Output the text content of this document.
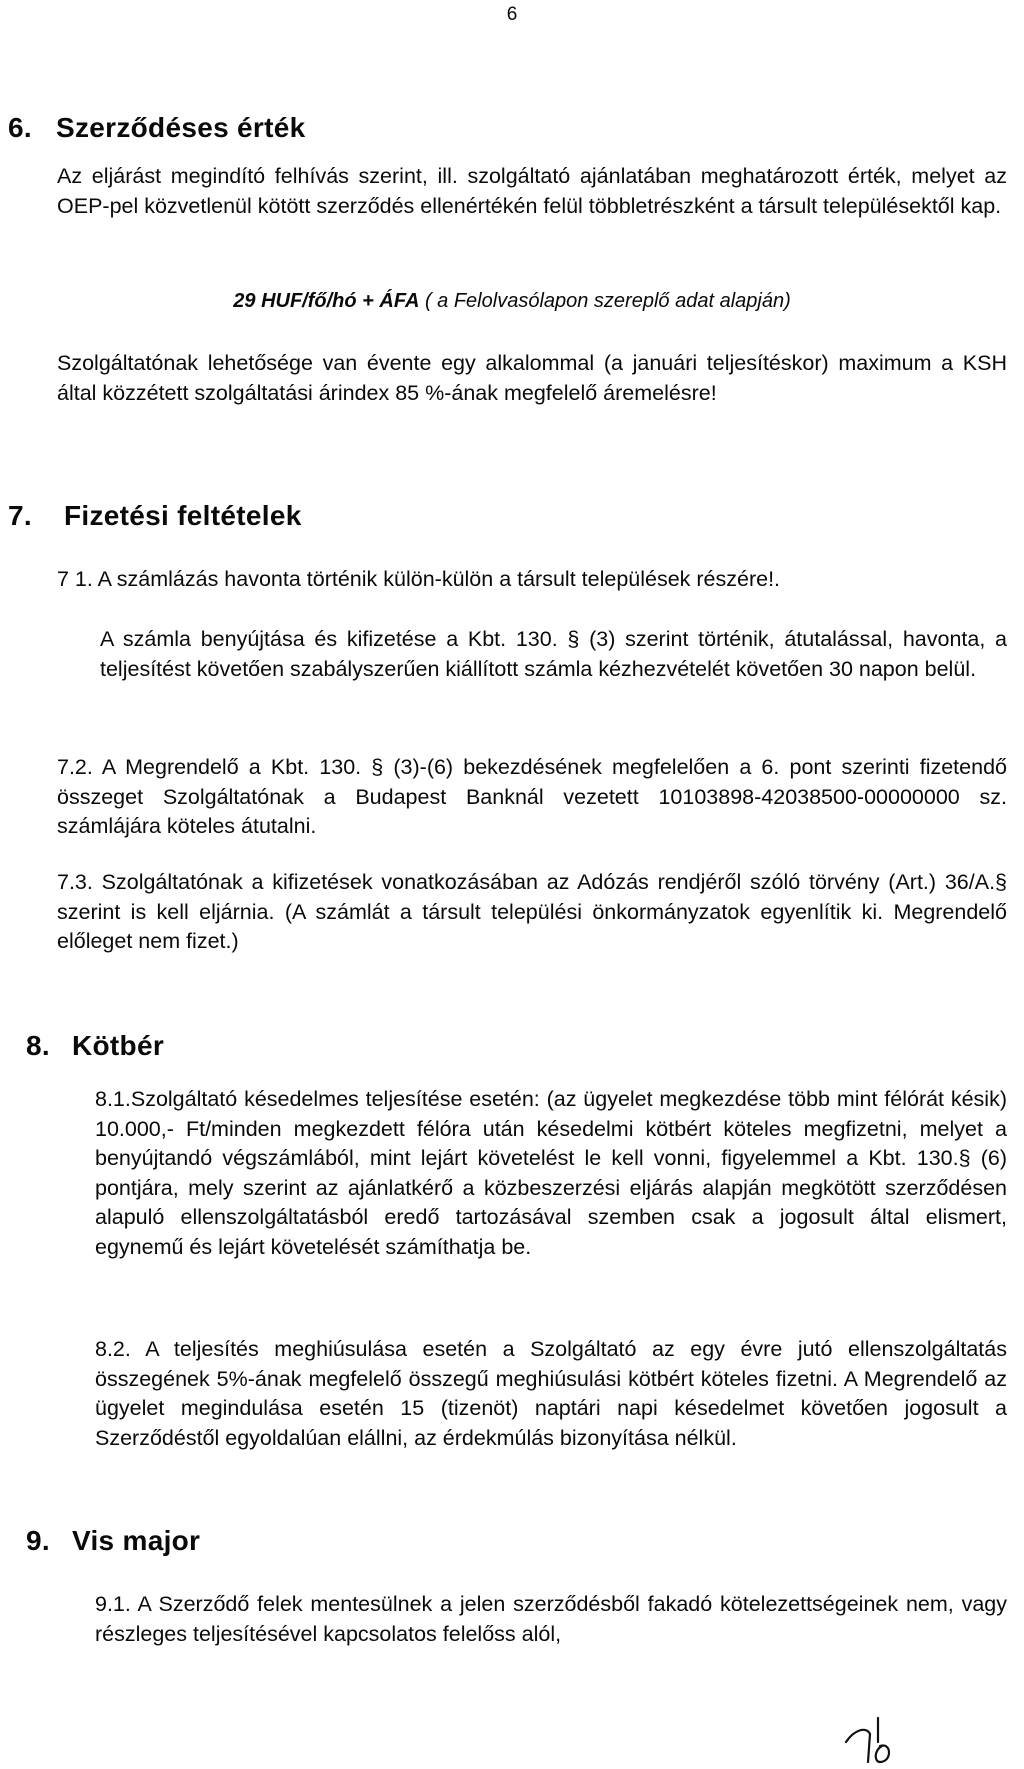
6
6. Szerződéses érték
Az eljárást megindító felhívás szerint, ill. szolgáltató ajánlatában meghatározott érték, melyet az OEP-pel közvetlenül kötött szerződés ellenértékén felül többletrészként a társult településektől kap.
29 HUF/fő/hó + ÁFA ( a Felolvasólapon szereplő adat alapján)
Szolgáltatónak lehetősége van évente egy alkalommal (a januári teljesítéskor) maximum a KSH által közzétett szolgáltatási árindex 85 %-ának megfelelő áremelésre!
7. Fizetési feltételek
7 1. A számlázás havonta történik külön-külön a társult települések részére!.
A számla benyújtása és kifizetése a Kbt. 130. § (3) szerint történik, átutalással, havonta, a teljesítést követően szabályszerűen kiállított számla kézhezvételét követően 30 napon belül.
7.2. A Megrendelő a Kbt. 130. § (3)-(6) bekezdésének megfelelően a 6. pont szerinti fizetendő összeget Szolgáltatónak a Budapest Banknál vezetett 10103898-42038500-00000000 sz. számlájára köteles átutalni.
7.3. Szolgáltatónak a kifizetések vonatkozásában az Adózás rendjéről szóló törvény (Art.) 36/A.§ szerint is kell eljárnia. (A számlát a társult települési önkormányzatok egyenlítik ki. Megrendelő előleget nem fizet.)
8. Kötbér
8.1.Szolgáltató késedelmes teljesítése esetén: (az ügyelet megkezdése több mint félórát késik) 10.000,- Ft/minden megkezdett félóra után késedelmi kötbért köteles megfizetni, melyet a benyújtandó végszámlából, mint lejárt követelést le kell vonni, figyelemmel a Kbt. 130.§ (6) pontjára, mely szerint az ajánlatkérő a közbeszerzési eljárás alapján megkötött szerződésen alapuló ellenszolgáltatásból eredő tartozásával szemben csak a jogosult által elismert, egynemű és lejárt követelését számíthatja be.
8.2. A teljesítés meghiúsulása esetén a Szolgáltató az egy évre jutó ellenszolgáltatás összegének 5%-ának megfelelő összegű meghiúsulási kötbért köteles fizetni. A Megrendelő az ügyelet megindulása esetén 15 (tizenöt) naptári napi késedelmet követően jogosult a Szerződéstől egyoldalúan elállni, az érdekmúlás bizonyítása nélkül.
9. Vis major
9.1. A Szerződő felek mentesülnek a jelen szerződésből fakadó kötelezettségeinek nem, vagy részleges teljesítésével kapcsolatos felelőss alól,
